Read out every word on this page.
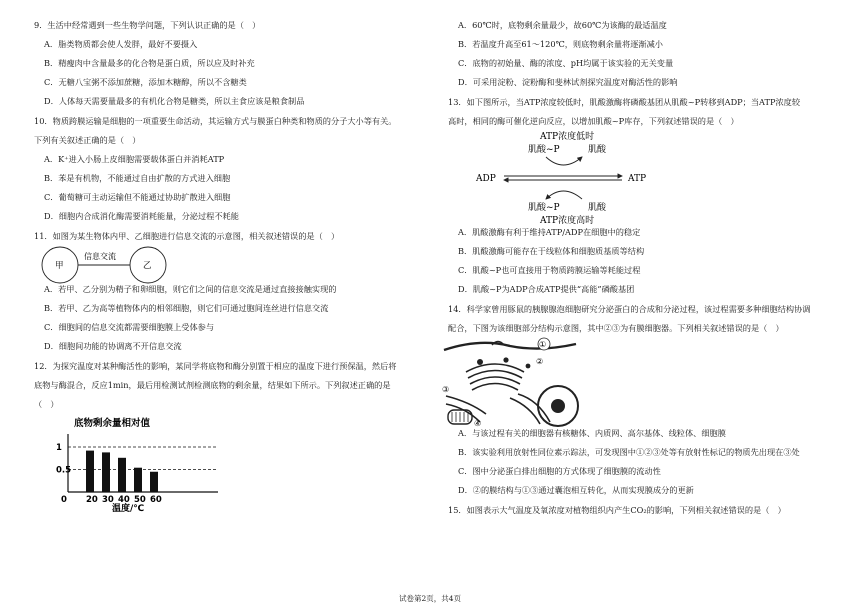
9．生活中经常遇到一些生物学问题，下列认识正确的是（　）

A．脂类物质都会使人发胖，最好不要摄入

B．精瘦肉中含量最多的化合物是蛋白质，所以应及时补充

C．无糖八宝粥不添加蔗糖，添加木糖醇，所以不含糖类

D．人体每天需要量最多的有机化合物是糖类，所以主食应该是粮食制品

10．物质跨膜运输是细胞的一项重要生命活动，其运输方式与膜蛋白种类和物质的分子大小等有关。

下列有关叙述正确的是（　）

A．K⁺进入小肠上皮细胞需要载体蛋白并消耗ATP

B．苯是有机物，不能通过自由扩散的方式进入细胞

C．葡萄糖可主动运输但不能通过协助扩散进入细胞

D．细胞内合成消化酶需要消耗能量，分泌过程不耗能

11．如图为某生物体内甲、乙细胞进行信息交流的示意图，相关叙述错误的是（　）

甲	乙
信息交流

A．若甲、乙分别为精子和卵细胞，则它们之间的信息交流是通过直接接触实现的

B．若甲、乙为高等植物体内的相邻细胞，则它们可通过胞间连丝进行信息交流

C．细胞间的信息交流都需要细胞膜上受体参与

D．细胞间功能的协调离不开信息交流

12．为探究温度对某种酶活性的影响，某同学将底物和酶分别置于相应的温度下进行预保温，然后将

底物与酶混合，反应1min，最后用检测试剂检测底物的剩余量，结果如下所示。下列叙述正确的是

（　）

底物剩余量相对值
温度/℃
1
0.5
0 20 30 40 50 60

A．60℃时，底物剩余量最少，故60℃为该酶的最适温度

B．若温度升高至61～120℃，则底物剩余量将逐渐减小

C．底物的初始量、酶的浓度、pH均属于该实验的无关变量

D．可采用淀粉、淀粉酶和斐林试剂探究温度对酶活性的影响

13．如下图所示，当ATP浓度较低时，肌酸激酶将磷酸基团从肌酸~P转移到ADP；当ATP浓度较

高时，相同的酶可催化逆向反应，以增加肌酸~P库存，下列叙述错误的是（　）

ATP浓度低时
肌酸~P	肌酸
ADP	ATP
肌酸~P	肌酸
ATP浓度高时

A．肌酸激酶有利于维持ATP/ADP在细胞中的稳定

B．肌酸激酶可能存在于线粒体和细胞质基质等结构

C．肌酸~P也可直接用于物质跨膜运输等耗能过程

D．肌酸~P为ADP合成ATP提供“高能”磷酸基团

14．科学家曾用豚鼠的胰腺腺泡细胞研究分泌蛋白的合成和分泌过程，该过程需要多种细胞结构协调

配合，下图为该细胞部分结构示意图，其中②③为有膜细胞器。下列相关叙述错误的是（　）

①
②
③
④

A．与该过程有关的细胞器有核糖体、内质网、高尔基体、线粒体、细胞膜

B．该实验利用放射性同位素示踪法，可发现图中①②③处等有放射性标记的物质先出现在③处

C．图中分泌蛋白排出细胞的方式体现了细胞膜的流动性

D．②的膜结构与①③通过囊泡相互转化，从而实现膜成分的更新

15．如图表示大气温度及氧浓度对植物组织内产生CO₂的影响，下列相关叙述错误的是（　）

试卷第2页，共4页
